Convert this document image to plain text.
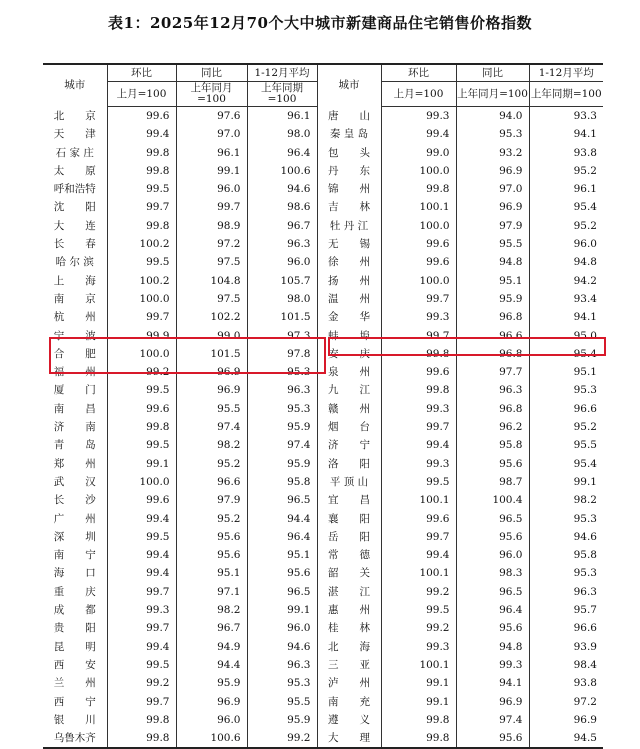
表1：2025年12月70个大中城市新建商品住宅销售价格指数
城市	环比	同比	1-12月平均	城市	环比	同比	1-12月平均
	上月=100	上年同月=100	上年同期=100		上月=100	上年同月=100	上年同期=100
北　　京	99.6	97.6	96.1	唐　　山	99.3	94.0	93.3
天　　津	99.4	97.0	98.0	秦 皇 岛	99.4	95.3	94.1
石 家 庄	99.8	96.1	96.4	包　　头	99.0	93.2	93.8
太　　原	99.8	99.1	100.6	丹　　东	100.0	96.9	95.2
呼和浩特	99.5	96.0	94.6	锦　　州	99.8	97.0	96.1
沈　　阳	99.7	99.7	98.6	吉　　林	100.1	96.9	95.4
大　　连	99.8	98.9	96.7	牡 丹 江	100.0	97.9	95.2
长　　春	100.2	97.2	96.3	无　　锡	99.6	95.5	96.0
哈 尔 滨	99.5	97.5	96.0	徐　　州	99.6	94.8	94.8
上　　海	100.2	104.8	105.7	扬　　州	100.0	95.1	94.2
南　　京	100.0	97.5	98.0	温　　州	99.7	95.9	93.4
杭　　州	99.7	102.2	101.5	金　　华	99.3	96.8	94.1
宁　　波	99.9	99.0	97.3	蚌　　埠	99.7	96.6	95.0
合　　肥	100.0	101.5	97.8	安　　庆	99.8	96.8	95.4
福　　州	99.2	96.9	95.3	泉　　州	99.6	97.7	95.1
厦　　门	99.5	96.9	96.3	九　　江	99.8	96.3	95.3
南　　昌	99.6	95.5	95.3	赣　　州	99.3	96.8	96.6
济　　南	99.8	97.4	95.9	烟　　台	99.7	96.2	95.2
青　　岛	99.5	98.2	97.4	济　　宁	99.4	95.8	95.5
郑　　州	99.1	95.2	95.9	洛　　阳	99.3	95.6	95.4
武　　汉	100.0	96.6	95.8	平 顶 山	99.5	98.7	99.1
长　　沙	99.6	97.9	96.5	宜　　昌	100.1	100.4	98.2
广　　州	99.4	95.2	94.4	襄　　阳	99.6	96.5	95.3
深　　圳	99.5	95.6	96.4	岳　　阳	99.7	95.6	94.6
南　　宁	99.4	95.6	95.1	常　　德	99.4	96.0	95.8
海　　口	99.4	95.1	95.6	韶　　关	100.1	98.3	95.3
重　　庆	99.7	97.1	96.5	湛　　江	99.2	96.5	96.3
成　　都	99.3	98.2	99.1	惠　　州	99.5	96.4	95.7
贵　　阳	99.7	96.7	96.0	桂　　林	99.2	95.6	96.6
昆　　明	99.4	94.9	94.6	北　　海	99.3	94.8	93.9
西　　安	99.5	94.4	96.3	三　　亚	100.1	99.3	98.4
兰　　州	99.2	95.9	95.3	泸　　州	99.1	94.1	93.8
西　　宁	99.7	96.9	95.5	南　　充	99.1	96.9	97.2
银　　川	99.8	96.0	95.9	遵　　义	99.8	97.4	96.9
乌鲁木齐	99.8	100.6	99.2	大　　理	99.8	95.6	94.5
